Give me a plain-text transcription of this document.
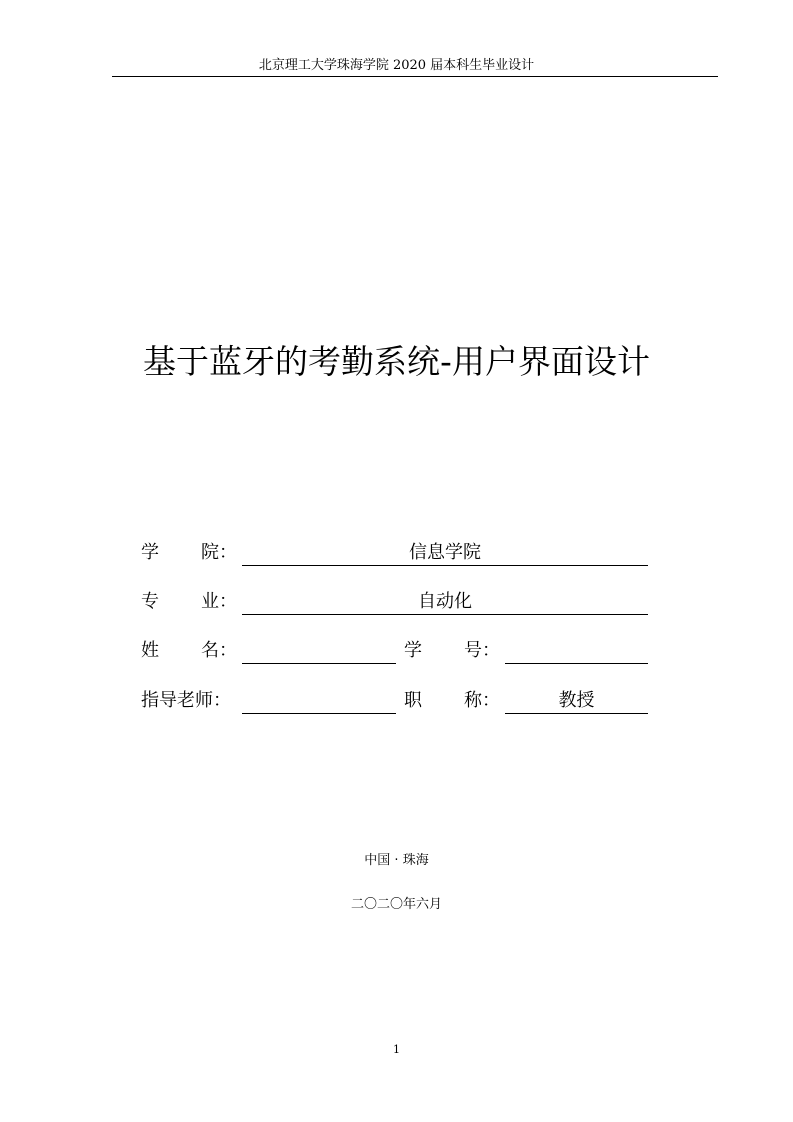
北京理工大学珠海学院 2020 届本科生毕业设计
基于蓝牙的考勤系统-用户界面设计
学 院：	信息学院
专 业：	自动化
姓 名：	学 号：
指导老师：	职 称：	教授
中国 · 珠海
二〇二〇年六月
1
